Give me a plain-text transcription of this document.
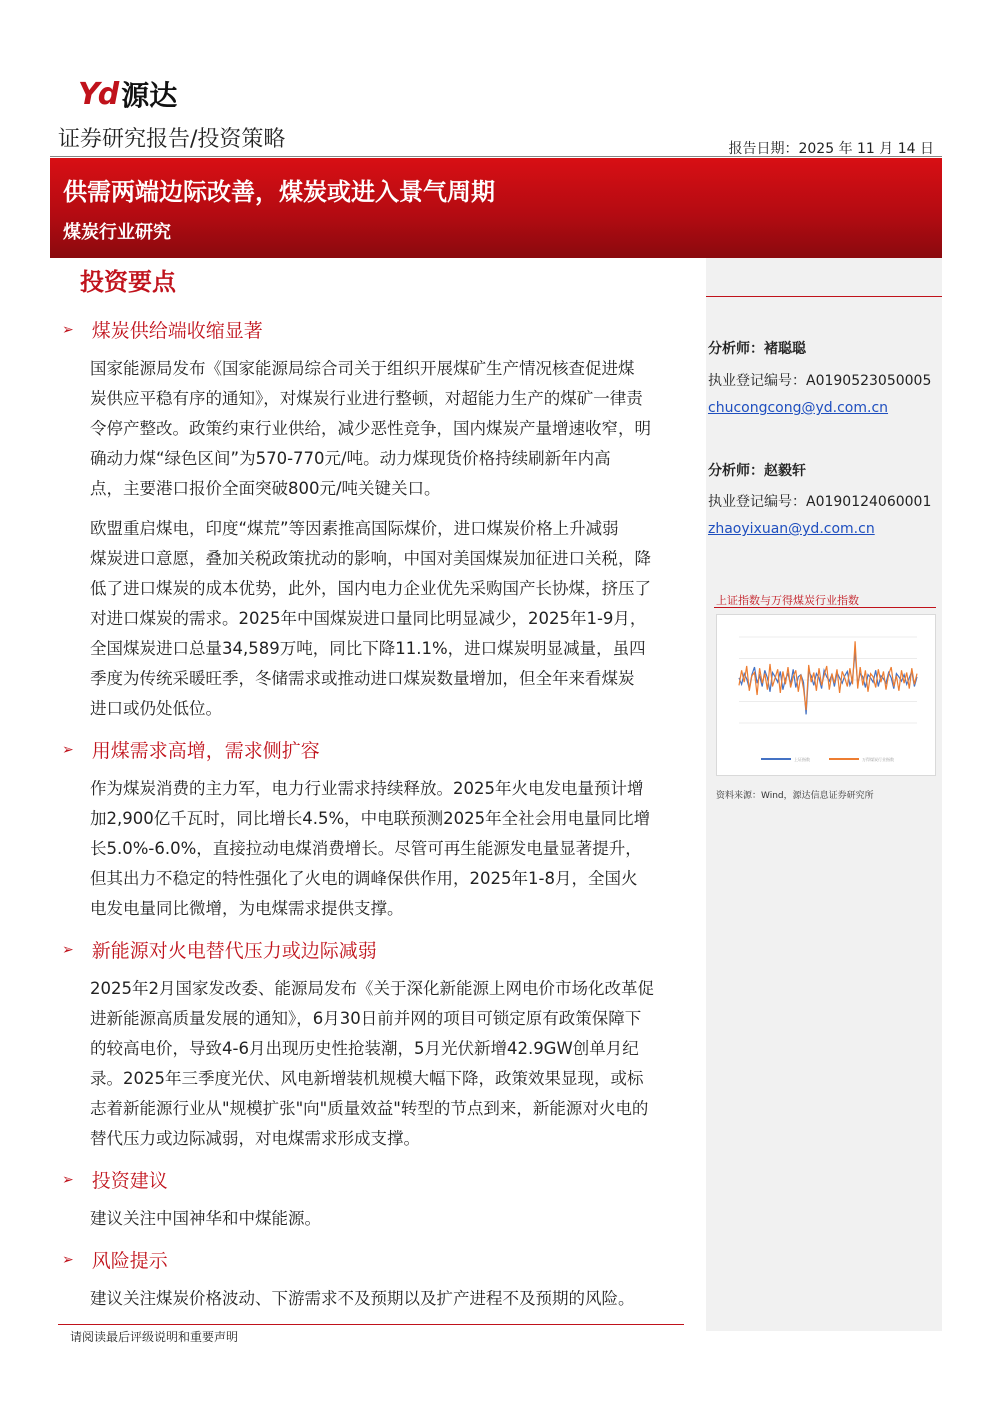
Yd 源达
证券研究报告/投资策略	报告日期：2025 年 11 月 14 日
供需两端边际改善，煤炭或进入景气周期
煤炭行业研究
投资要点
➢ 煤炭供给端收缩显著
国家能源局发布《国家能源局综合司关于组织开展煤矿生产情况核查促进煤
炭供应平稳有序的通知》，对煤炭行业进行整顿，对超能力生产的煤矿一律责
令停产整改。政策约束行业供给，减少恶性竞争，国内煤炭产量增速收窄，明
确动力煤“绿色区间”为570-770元/吨。动力煤现货价格持续刷新年内高
点，主要港口报价全面突破800元/吨关键关口。
欧盟重启煤电，印度“煤荒”等因素推高国际煤价，进口煤炭价格上升减弱
煤炭进口意愿，叠加关税政策扰动的影响，中国对美国煤炭加征进口关税，降
低了进口煤炭的成本优势，此外，国内电力企业优先采购国产长协煤，挤压了
对进口煤炭的需求。2025年中国煤炭进口量同比明显减少，2025年1-9月，
全国煤炭进口总量34,589万吨，同比下降11.1%，进口煤炭明显减量，虽四
季度为传统采暖旺季，冬储需求或推动进口煤炭数量增加，但全年来看煤炭
进口或仍处低位。
➢ 用煤需求高增，需求侧扩容
作为煤炭消费的主力军，电力行业需求持续释放。2025年火电发电量预计增
加2,900亿千瓦时，同比增长4.5%，中电联预测2025年全社会用电量同比增
长5.0%-6.0%，直接拉动电煤消费增长。尽管可再生能源发电量显著提升，
但其出力不稳定的特性强化了火电的调峰保供作用，2025年1-8月，全国火
电发电量同比微增，为电煤需求提供支撑。
➢ 新能源对火电替代压力或边际减弱
2025年2月国家发改委、能源局发布《关于深化新能源上网电价市场化改革促
进新能源高质量发展的通知》，6月30日前并网的项目可锁定原有政策保障下
的较高电价，导致4-6月出现历史性抢装潮，5月光伏新增42.9GW创单月纪
录。2025年三季度光伏、风电新增装机规模大幅下降，政策效果显现，或标
志着新能源行业从"规模扩张"向"质量效益"转型的节点到来，新能源对火电的
替代压力或边际减弱，对电煤需求形成支撑。
➢ 投资建议
建议关注中国神华和中煤能源。
➢ 风险提示
建议关注煤炭价格波动、下游需求不及预期以及扩产进程不及预期的风险。
分析师：褚聪聪
执业登记编号：A0190523050005
chucongcong@yd.com.cn
分析师：赵毅轩
执业登记编号：A0190124060001
zhaoyixuan@yd.com.cn
上证指数与万得煤炭行业指数
上证指数	万得煤炭行业指数
资料来源：Wind，源达信息证券研究所
请阅读最后评级说明和重要声明
